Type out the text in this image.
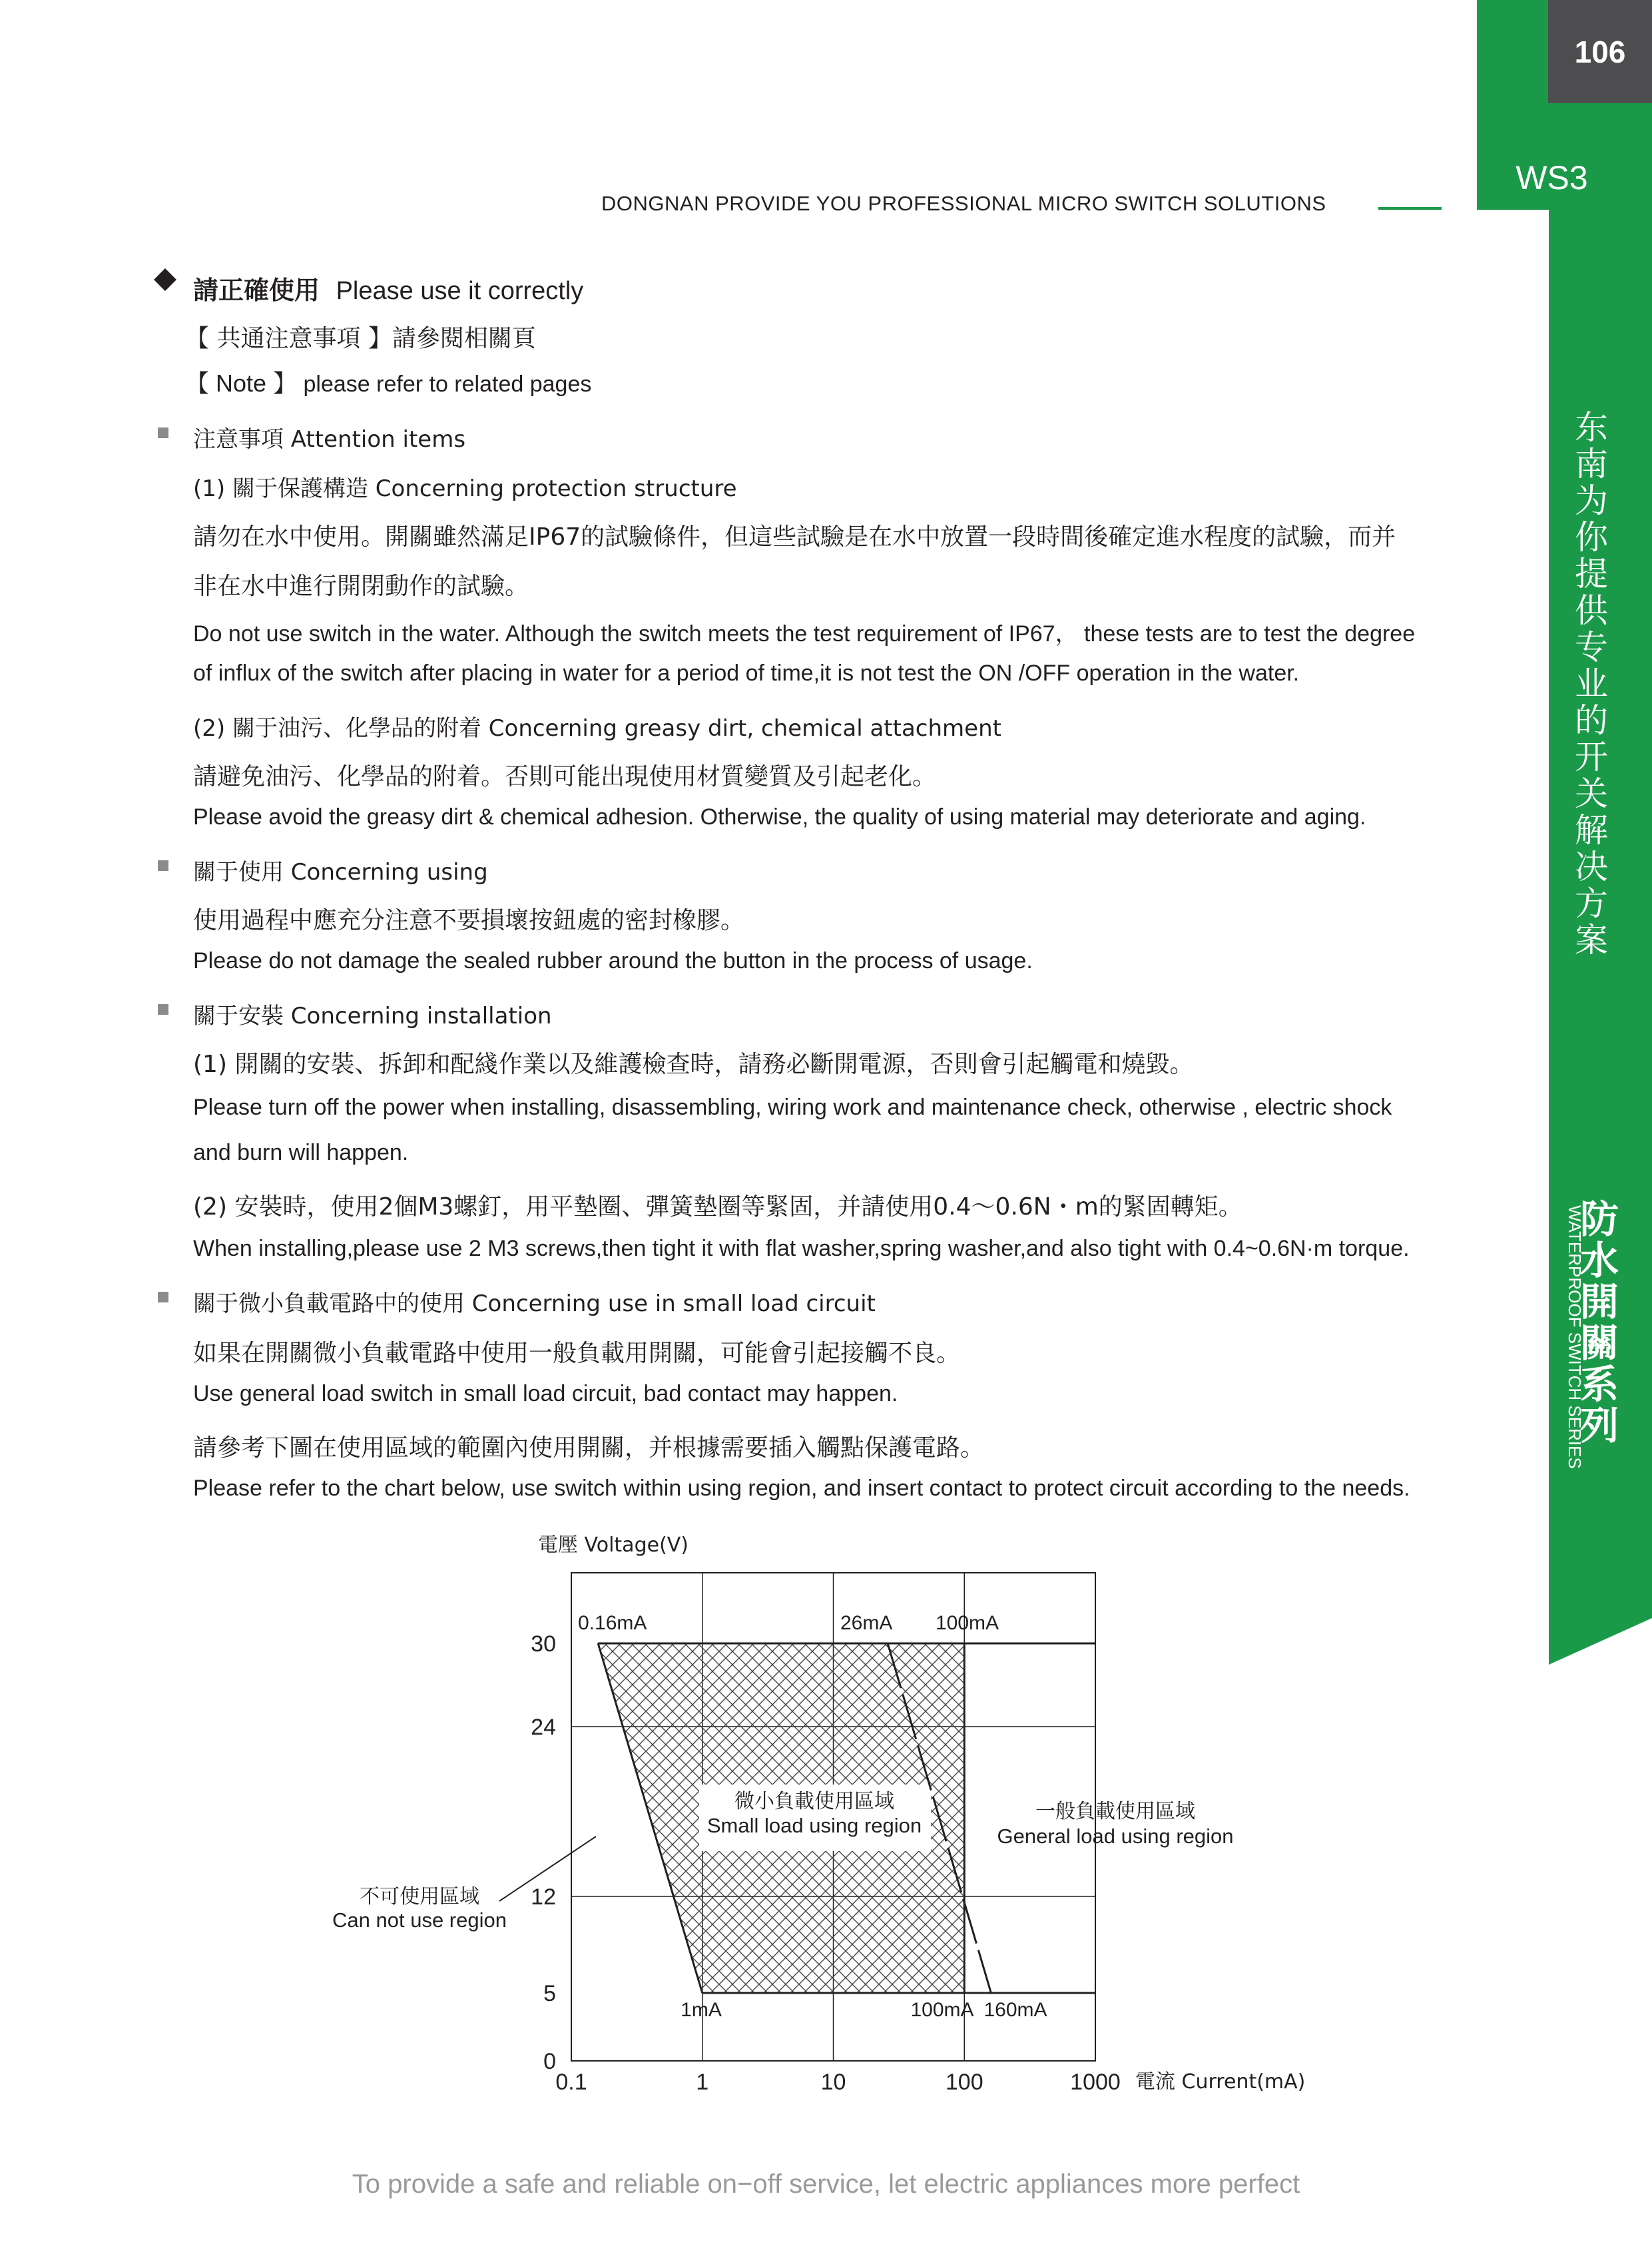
106
WS3
东南为你提供专业的开关解决方案
防水開關系列
WATERPROOF SWITCH SERIES
DONGNAN PROVIDE YOU PROFESSIONAL MICRO SWITCH SOLUTIONS
請正確使用 Please use it correctly
【 共通注意事項 】請參閱相關頁
【 Note 】 please refer to related pages
注意事項 Attention items
(1) 關于保護構造 Concerning protection structure
請勿在水中使用。開關雖然滿足IP67的試驗條件，但這些試驗是在水中放置一段時間後確定進水程度的試驗，而并
非在水中進行開閉動作的試驗。
Do not use switch in the water. Although the switch meets the test requirement of IP67， these tests are to test the degree
of influx of the switch after placing in water for a period of time,it is not test the ON /OFF operation in the water.
(2) 關于油污、化學品的附着 Concerning greasy dirt, chemical attachment
請避免油污、化學品的附着。否則可能出現使用材質變質及引起老化。
Please avoid the greasy dirt & chemical adhesion. Otherwise, the quality of using material may deteriorate and aging.
關于使用 Concerning using
使用過程中應充分注意不要損壞按鈕處的密封橡膠。
Please do not damage the sealed rubber around the button in the process of usage.
關于安裝 Concerning installation
(1) 開關的安裝、拆卸和配綫作業以及維護檢查時，請務必斷開電源，否則會引起觸電和燒毀。
Please turn off the power when installing, disassembling, wiring work and maintenance check, otherwise , electric shock
and burn will happen.
(2) 安裝時，使用2個M3螺釘，用平墊圈、彈簧墊圈等緊固，并請使用0.4～0.6N・m的緊固轉矩。
When installing,please use 2 M3 screws,then tight it with flat washer,spring washer,and also tight with 0.4~0.6N·m torque.
關于微小負載電路中的使用 Concerning use in small load circuit
如果在開關微小負載電路中使用一般負載用開關，可能會引起接觸不良。
Use general load switch in small load circuit, bad contact may happen.
請參考下圖在使用區域的範圍內使用開關，并根據需要插入觸點保護電路。
Please refer to the chart below, use switch within using region, and insert contact to protect circuit according to the needs.
0.1	1	10	100	1000
0
5
12
24
30
電壓 Voltage(V)
電流 Current(mA)
0.16mA	26mA 100mA
1mA	100mA 160mA
微小負載使用區域
Small load using region
一般負載使用區域
General load using region
不可使用區域
Can not use region
To provide a safe and reliable on−off service, let electric appliances more perfect
